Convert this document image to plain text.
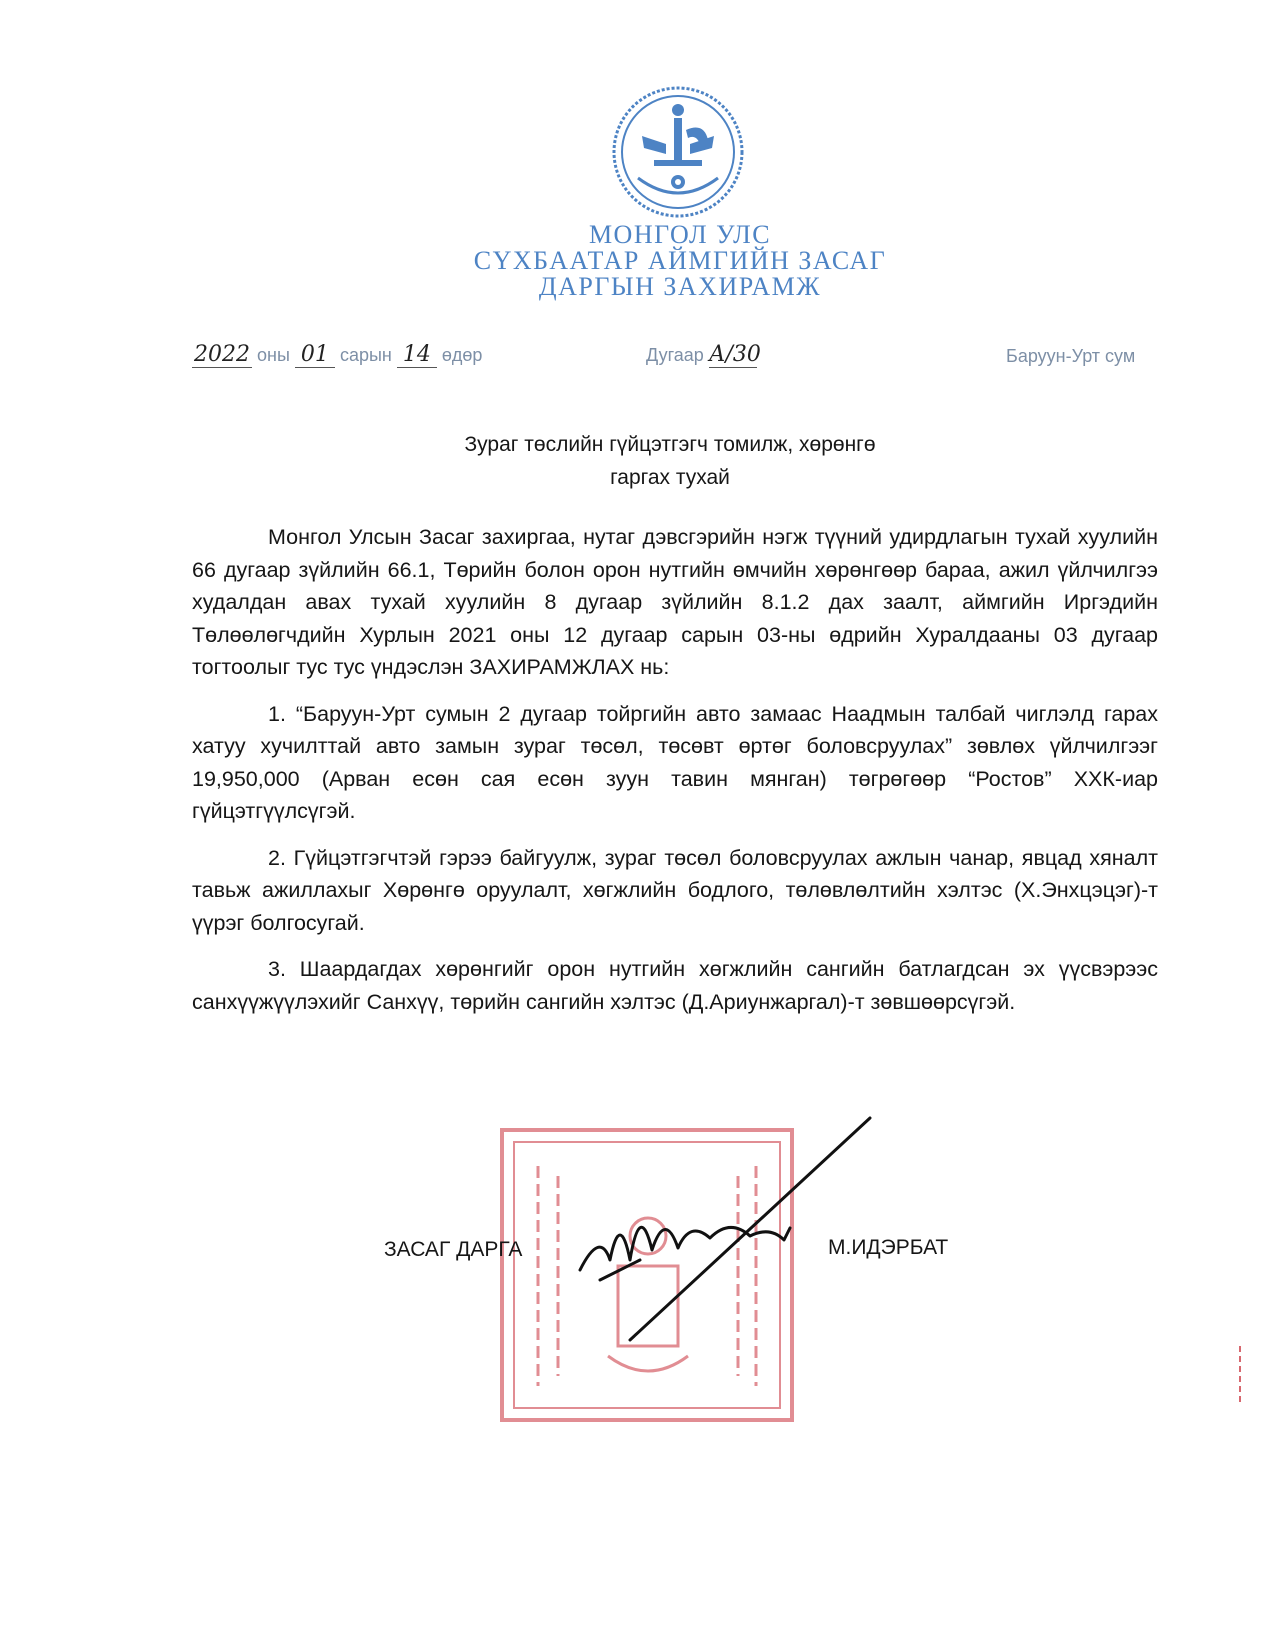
МОНГОЛ УЛС
СҮХБААТАР АЙМГИЙН ЗАСАГ
ДАРГЫН ЗАХИРАМЖ
2022 оны 01 сарын 14 өдөр	Дугаар А/30	Баруун-Урт сум
Зураг төслийн гүйцэтгэгч томилж, хөрөнгө
гаргах тухай

Монгол Улсын Засаг захиргаа, нутаг дэвсгэрийн нэгж түүний удирдлагын тухай хуулийн 66 дугаар зүйлийн 66.1, Төрийн болон орон нутгийн өмчийн хөрөнгөөр бараа, ажил үйлчилгээ худалдан авах тухай хуулийн 8 дугаар зүйлийн 8.1.2 дах заалт, аймгийн Иргэдийн Төлөөлөгчдийн Хурлын 2021 оны 12 дугаар сарын 03-ны өдрийн Хуралдааны 03 дугаар тогтоолыг тус тус үндэслэн ЗАХИРАМЖЛАХ нь:

1. “Баруун-Урт сумын 2 дугаар тойргийн авто замаас Наадмын талбай чиглэлд гарах хатуу хучилттай авто замын зураг төсөл, төсөвт өртөг боловсруулах” зөвлөх үйлчилгээг 19,950,000 (Арван есөн сая есөн зуун тавин мянган) төгрөгөөр “Ростов” ХХК-иар гүйцэтгүүлсүгэй.

2. Гүйцэтгэгчтэй гэрээ байгуулж, зураг төсөл боловсруулах ажлын чанар, явцад хяналт тавьж ажиллахыг Хөрөнгө оруулалт, хөгжлийн бодлого, төлөвлөлтийн хэлтэс (Х.Энхцэцэг)-т үүрэг болгосугай.

3. Шаардагдах хөрөнгийг орон нутгийн хөгжлийн сангийн батлагдсан эх үүсвэрээс санхүүжүүлэхийг Санхүү, төрийн сангийн хэлтэс (Д.Ариунжаргал)-т зөвшөөрсүгэй.

ЗАСАГ ДАРГА	М.ИДЭРБАТ
